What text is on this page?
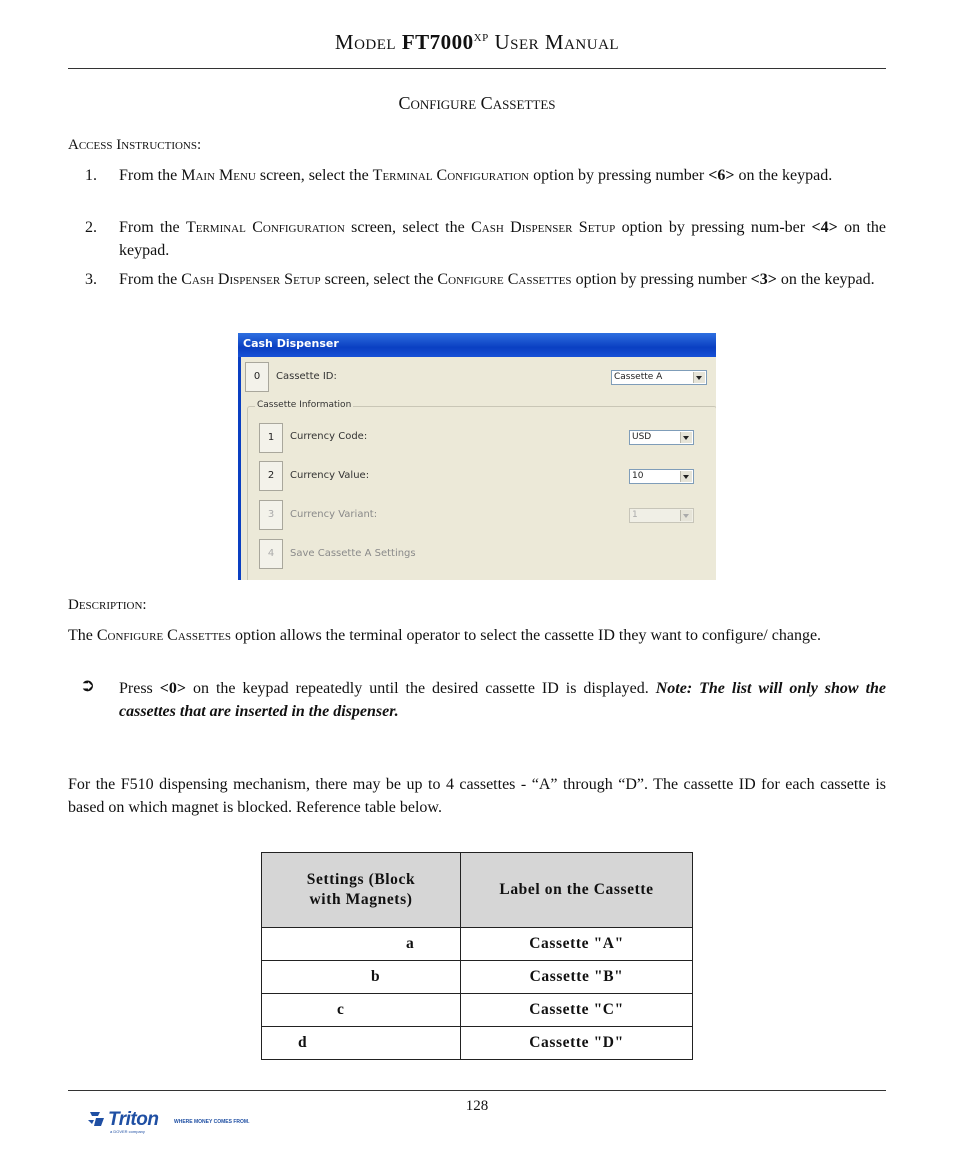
Model $FT7000^{XP}$ User Manual
Configure Cassettes
Access Instructions:
1. From the Main Menu screen, select the Terminal Configuration option by pressing number <6> on the keypad.
2. From the Terminal Configuration screen, select the Cash Dispenser Setup option by pressing num-ber <4> on the keypad.
3. From the Cash Dispenser Setup screen, select the Configure Cassettes option by pressing number <3> on the keypad.
Cash Dispenser
0	Cassette ID:	Cassette A
Cassette Information
1	Currency Code:	USD
2	Currency Value:	10
3	Currency Variant:	1
4	Save Cassette A Settings
Description:
The Configure Cassettes option allows the terminal operator to select the cassette ID they want to configure/ change.
➲ Press <0> on the keypad repeatedly until the desired cassette ID is displayed. Note: The list will only show the cassettes that are inserted in the dispenser.
For the F510 dispensing mechanism, there may be up to 4 cassettes - “A” through “D”. The cassette ID for each cassette is based on which magnet is blocked. Reference table below.
Settings (Block with Magnets)	Label on the Cassette
a	Cassette "A"
b	Cassette "B"
c	Cassette "C"
d	Cassette "D"
128
Triton	WHERE MONEY COMES FROM.
a DOVER company
